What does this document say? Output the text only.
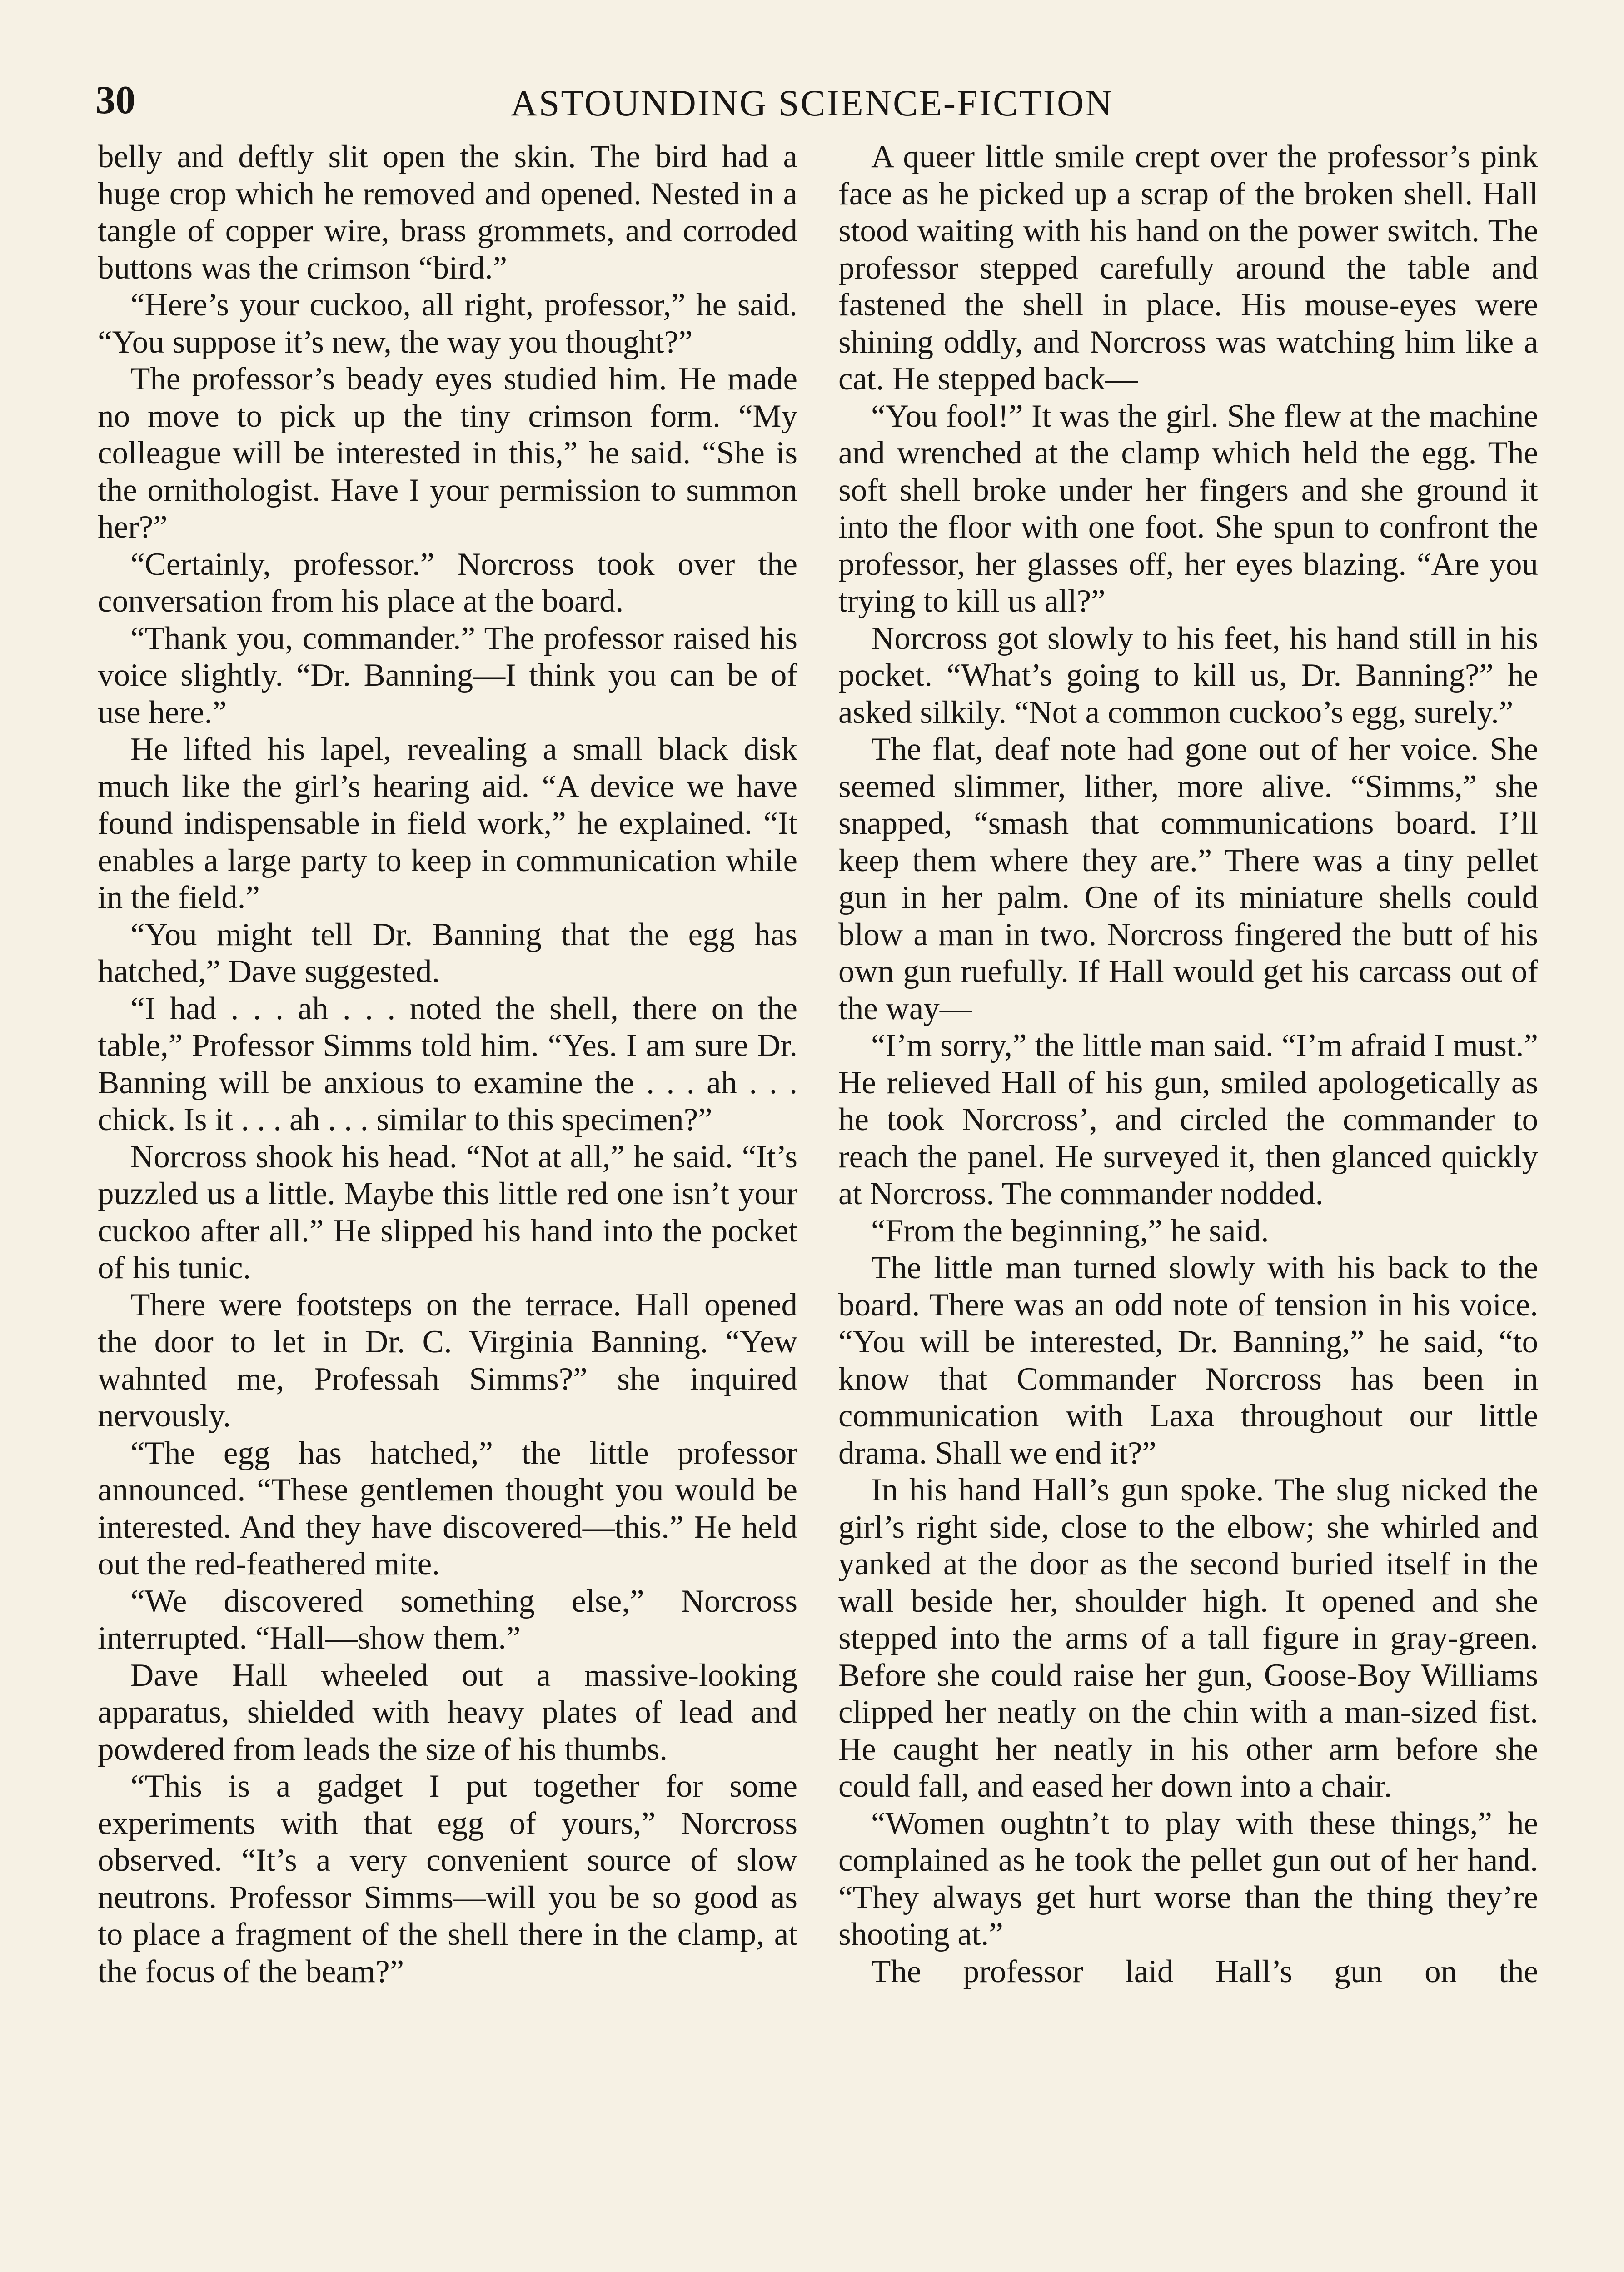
30	ASTOUNDING SCIENCE-FICTION

belly and deftly slit open the skin. The bird had a huge crop which he removed and opened. Nested in a tangle of copper wire, brass grommets, and corroded buttons was the crimson “bird.”

“Here’s your cuckoo, all right, professor,” he said. “You suppose it’s new, the way you thought?”

The professor’s beady eyes studied him. He made no move to pick up the tiny crimson form. “My colleague will be interested in this,” he said. “She is the ornithologist. Have I your permission to summon her?”

“Certainly, professor.” Norcross took over the conversation from his place at the board.

“Thank you, commander.” The professor raised his voice slightly. “Dr. Banning—I think you can be of use here.”

He lifted his lapel, revealing a small black disk much like the girl’s hearing aid. “A device we have found indispensable in field work,” he explained. “It enables a large party to keep in communication while in the field.”

“You might tell Dr. Banning that the egg has hatched,” Dave suggested.

“I had . . . ah . . . noted the shell, there on the table,” Professor Simms told him. “Yes. I am sure Dr. Banning will be anxious to examine the . . . ah . . . chick. Is it . . . ah . . . similar to this specimen?”

Norcross shook his head. “Not at all,” he said. “It’s puzzled us a little. Maybe this little red one isn’t your cuckoo after all.” He slipped his hand into the pocket of his tunic.

There were footsteps on the terrace. Hall opened the door to let in Dr. C. Virginia Banning. “Yew wahnted me, Professah Simms?” she inquired nervously.

“The egg has hatched,” the little professor announced. “These gentlemen thought you would be interested. And they have discovered—this.” He held out the red-feathered mite.

“We discovered something else,” Norcross interrupted. “Hall—show them.”

Dave Hall wheeled out a massive-looking apparatus, shielded with heavy plates of lead and powdered from leads the size of his thumbs.

“This is a gadget I put together for some experiments with that egg of yours,” Norcross observed. “It’s a very convenient source of slow neutrons. Professor Simms—will you be so good as to place a fragment of the shell there in the clamp, at the focus of the beam?”

A queer little smile crept over the professor’s pink face as he picked up a scrap of the broken shell. Hall stood waiting with his hand on the power switch. The professor stepped carefully around the table and fastened the shell in place. His mouse-eyes were shining oddly, and Norcross was watching him like a cat. He stepped back—

“You fool!” It was the girl. She flew at the machine and wrenched at the clamp which held the egg. The soft shell broke under her fingers and she ground it into the floor with one foot. She spun to confront the professor, her glasses off, her eyes blazing. “Are you trying to kill us all?”

Norcross got slowly to his feet, his hand still in his pocket. “What’s going to kill us, Dr. Banning?” he asked silkily. “Not a common cuckoo’s egg, surely.”

The flat, deaf note had gone out of her voice. She seemed slimmer, lither, more alive. “Simms,” she snapped, “smash that communications board. I’ll keep them where they are.” There was a tiny pellet gun in her palm. One of its miniature shells could blow a man in two. Norcross fingered the butt of his own gun ruefully. If Hall would get his carcass out of the way—

“I’m sorry,” the little man said. “I’m afraid I must.” He relieved Hall of his gun, smiled apologetically as he took Norcross’, and circled the commander to reach the panel. He surveyed it, then glanced quickly at Norcross. The commander nodded.

“From the beginning,” he said.

The little man turned slowly with his back to the board. There was an odd note of tension in his voice. “You will be interested, Dr. Banning,” he said, “to know that Commander Norcross has been in communication with Laxa throughout our little drama. Shall we end it?”

In his hand Hall’s gun spoke. The slug nicked the girl’s right side, close to the elbow; she whirled and yanked at the door as the second buried itself in the wall beside her, shoulder high. It opened and she stepped into the arms of a tall figure in gray-green. Before she could raise her gun, Goose-Boy Williams clipped her neatly on the chin with a man-sized fist. He caught her neatly in his other arm before she could fall, and eased her down into a chair.

“Women oughtn’t to play with these things,” he complained as he took the pellet gun out of her hand. “They always get hurt worse than the thing they’re shooting at.”

The professor laid Hall’s gun on the
